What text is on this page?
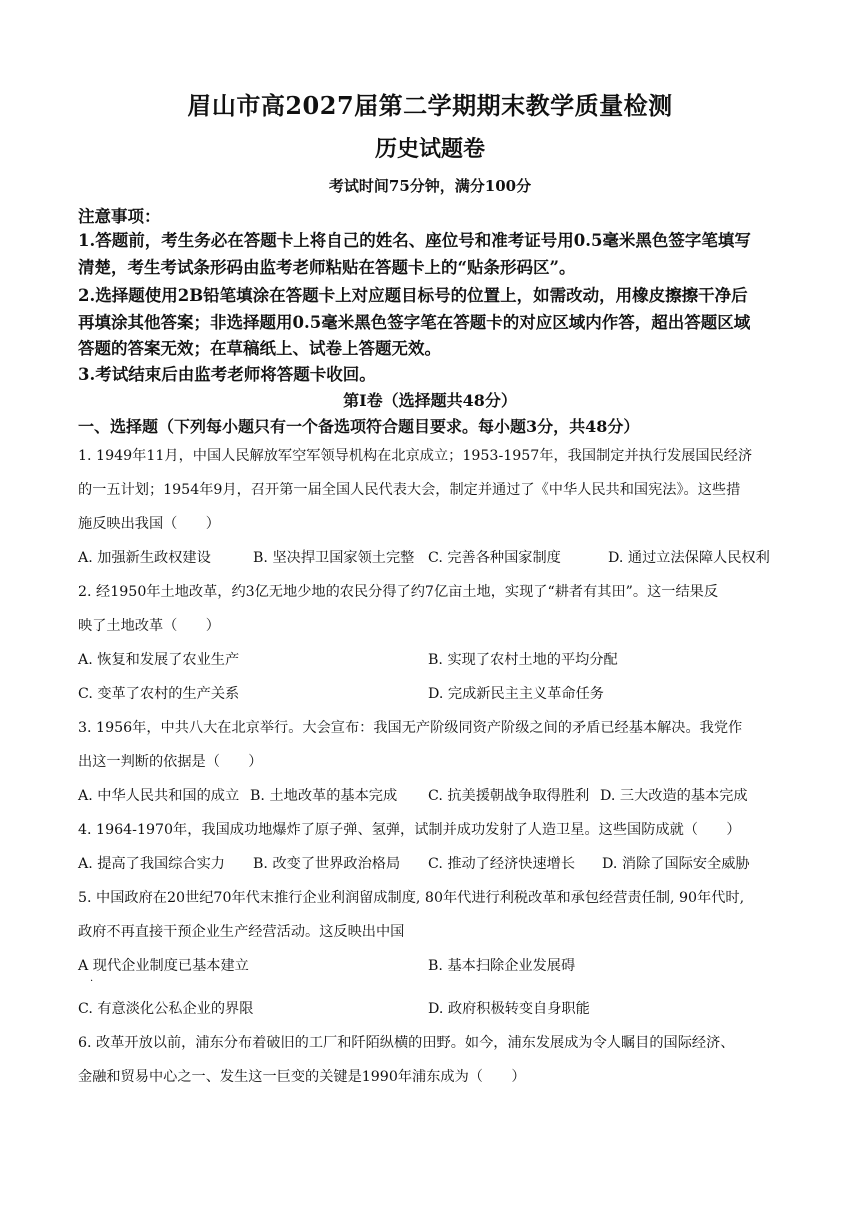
眉山市高2027届第二学期期末教学质量检测
历史试题卷
考试时间75分钟，满分100分
注意事项：
1.答题前，考生务必在答题卡上将自己的姓名、座位号和准考证号用0.5毫米黑色签字笔填写
清楚，考生考试条形码由监考老师粘贴在答题卡上的“贴条形码区”。
2.选择题使用2B铅笔填涂在答题卡上对应题目标号的位置上，如需改动，用橡皮擦擦干净后
再填涂其他答案；非选择题用0.5毫米黑色签字笔在答题卡的对应区域内作答，超出答题区域
答题的答案无效；在草稿纸上、试卷上答题无效。
3.考试结束后由监考老师将答题卡收回。
第Ⅰ卷（选择题共48分）
一、选择题（下列每小题只有一个备选项符合题目要求。每小题3分，共48分）
1. 1949年11月，中国人民解放军空军领导机构在北京成立；1953-1957年，我国制定并执行发展国民经济
的一五计划；1954年9月，召开第一届全国人民代表大会，制定并通过了《中华人民共和国宪法》。这些措
施反映出我国（　　）
A. 加强新生政权建设	B. 坚决捍卫国家领土完整 C. 完善各种国家制度	D. 通过立法保障人民权利
2. 经1950年土地改革，约3亿无地少地的农民分得了约7亿亩土地，实现了“耕者有其田”。这一结果反
映了土地改革（　　）
A. 恢复和发展了农业生产	B. 实现了农村土地的平均分配
C. 变革了农村的生产关系	D. 完成新民主主义革命任务
3. 1956年，中共八大在北京举行。大会宣布：我国无产阶级同资产阶级之间的矛盾已经基本解决。我党作
出这一判断的依据是（　　）
A. 中华人民共和国的成立 B. 土地改革的基本完成 C. 抗美援朝战争取得胜利 D. 三大改造的基本完成
4. 1964-1970年，我国成功地爆炸了原子弹、氢弹，试制并成功发射了人造卫星。这些国防成就（　　）
A. 提高了我国综合实力 B. 改变了世界政治格局 C. 推动了经济快速增长 D. 消除了国际安全威胁
5. 中国政府在20世纪70年代末推行企业利润留成制度, 80年代进行利税改革和承包经营责任制, 90年代时,
政府不再直接干预企业生产经营活动。这反映出中国
A 现代企业制度已基本建立
·
B. 基本扫除企业发展碍
C. 有意淡化公私企业的界限	D. 政府积极转变自身职能
6. 改革开放以前，浦东分布着破旧的工厂和阡陌纵横的田野。如今，浦东发展成为令人瞩目的国际经济、
金融和贸易中心之一、发生这一巨变的关键是1990年浦东成为（　　）
